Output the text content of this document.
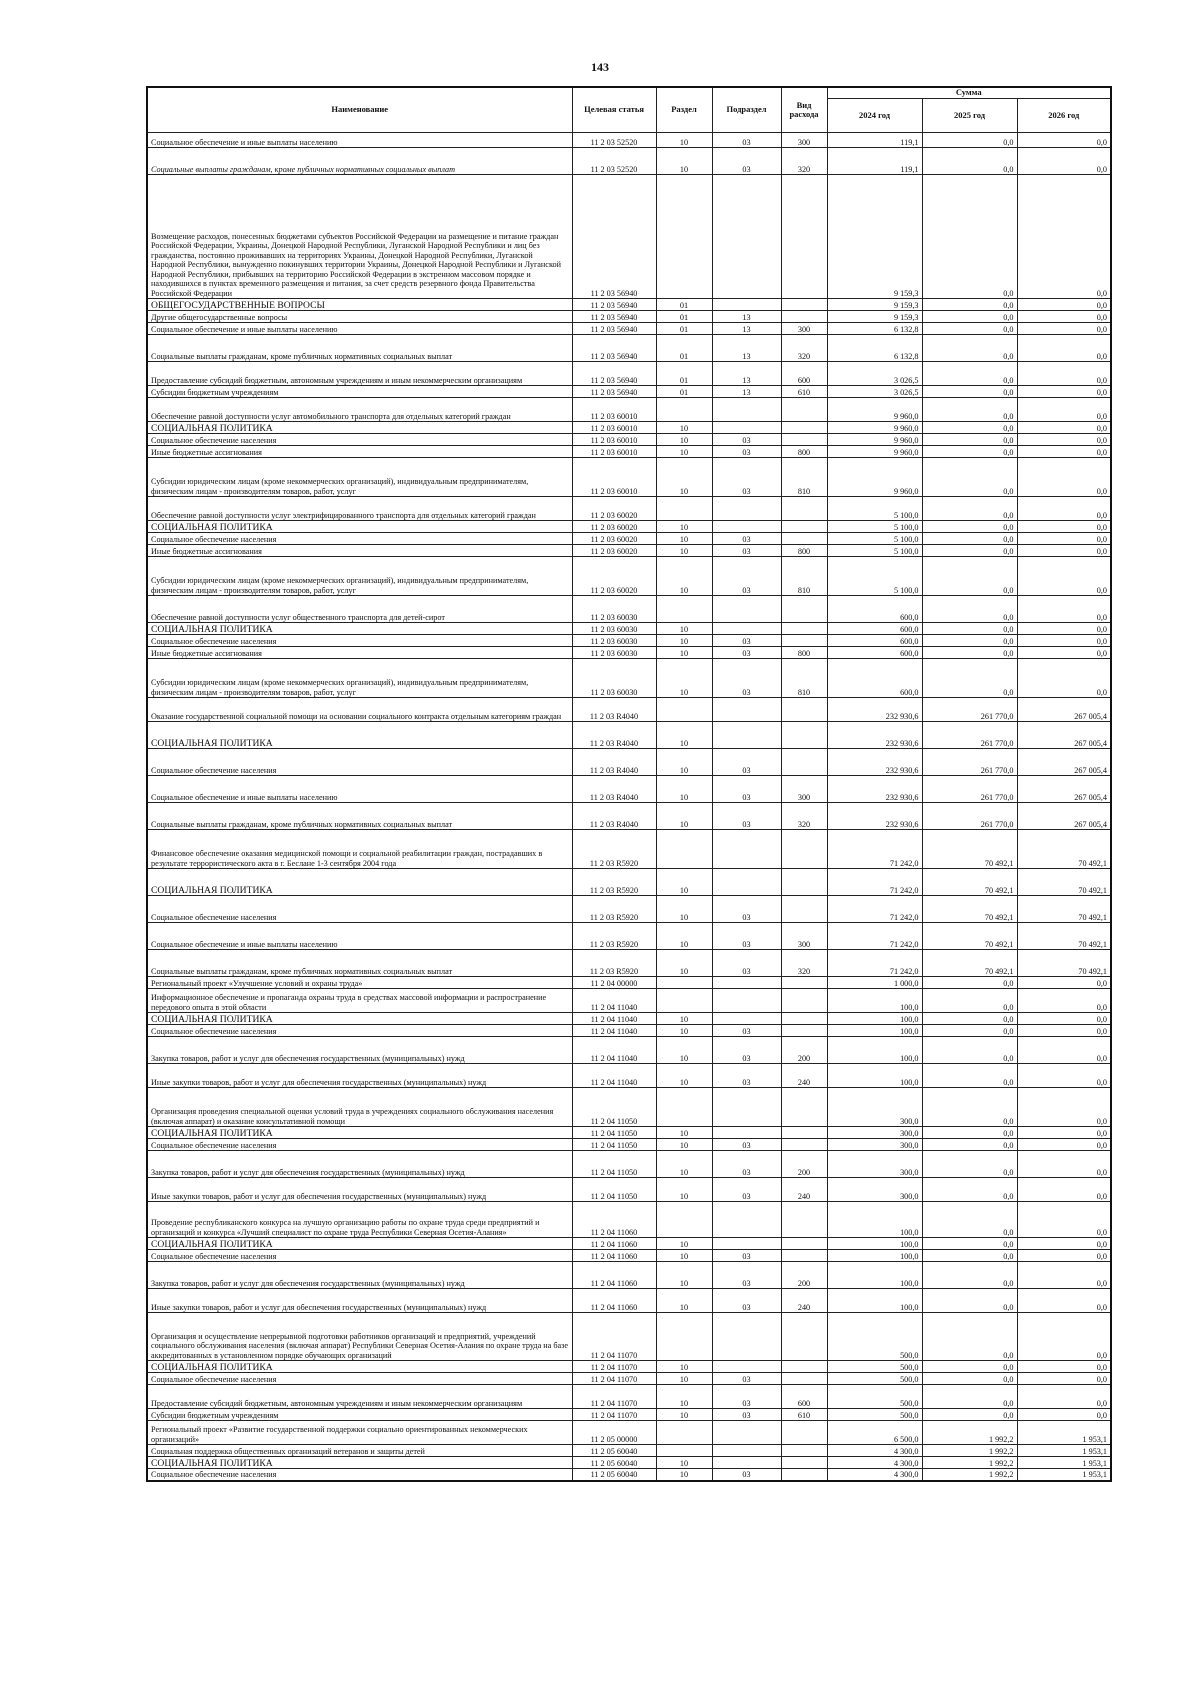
143
Наименование	Целевая статья	Раздел	Подраздел	Вид расхода	Сумма		
					2024 год	2025 год	2026 год
Социальное обеспечение и иные выплаты населению	11 2 03 52520	10	03	300	119,1	0,0	0,0
Социальные выплаты гражданам, кроме публичных нормативных социальных выплат	11 2 03 52520	10	03	320	119,1	0,0	0,0
Возмещение расходов, понесенных бюджетами субъектов Российской Федерации на размещение и питание граждан Российской Федерации, Украины, Донецкой Народной Республики, Луганской Народной Республики и лиц без гражданства, постоянно проживавших на территориях Украины, Донецкой Народной Республики, Луганской Народной Республики, вынужденно покинувших территории Украины, Донецкой Народной Республики и Луганской Народной Республики, прибывших на территорию Российской Федерации в экстренном массовом порядке и находившихся в пунктах временного размещения и питания, за счет средств резервного фонда Правительства Российской Федерации	11 2 03 56940				9 159,3	0,0	0,0
ОБЩЕГОСУДАРСТВЕННЫЕ ВОПРОСЫ	11 2 03 56940	01			9 159,3	0,0	0,0
Другие общегосударственные вопросы	11 2 03 56940	01	13		9 159,3	0,0	0,0
Социальное обеспечение и иные выплаты населению	11 2 03 56940	01	13	300	6 132,8	0,0	0,0
Социальные выплаты гражданам, кроме публичных нормативных социальных выплат	11 2 03 56940	01	13	320	6 132,8	0,0	0,0
Предоставление субсидий бюджетным, автономным учреждениям и иным некоммерческим организациям	11 2 03 56940	01	13	600	3 026,5	0,0	0,0
Субсидии бюджетным учреждениям	11 2 03 56940	01	13	610	3 026,5	0,0	0,0
Обеспечение равной доступности услуг автомобильного транспорта для отдельных категорий граждан	11 2 03 60010				9 960,0	0,0	0,0
СОЦИАЛЬНАЯ ПОЛИТИКА	11 2 03 60010	10			9 960,0	0,0	0,0
Социальное обеспечение населения	11 2 03 60010	10	03		9 960,0	0,0	0,0
Иные бюджетные ассигнования	11 2 03 60010	10	03	800	9 960,0	0,0	0,0
Субсидии юридическим лицам (кроме некоммерческих организаций), индивидуальным предпринимателям, физическим лицам - производителям товаров, работ, услуг	11 2 03 60010	10	03	810	9 960,0	0,0	0,0
Обеспечение равной доступности услуг электрифицированного транспорта для отдельных категорий граждан	11 2 03 60020				5 100,0	0,0	0,0
СОЦИАЛЬНАЯ ПОЛИТИКА	11 2 03 60020	10			5 100,0	0,0	0,0
Социальное обеспечение населения	11 2 03 60020	10	03		5 100,0	0,0	0,0
Иные бюджетные ассигнования	11 2 03 60020	10	03	800	5 100,0	0,0	0,0
Субсидии юридическим лицам (кроме некоммерческих организаций), индивидуальным предпринимателям, физическим лицам - производителям товаров, работ, услуг	11 2 03 60020	10	03	810	5 100,0	0,0	0,0
Обеспечение равной доступности услуг общественного транспорта для детей-сирот	11 2 03 60030				600,0	0,0	0,0
СОЦИАЛЬНАЯ ПОЛИТИКА	11 2 03 60030	10			600,0	0,0	0,0
Социальное обеспечение населения	11 2 03 60030	10	03		600,0	0,0	0,0
Иные бюджетные ассигнования	11 2 03 60030	10	03	800	600,0	0,0	0,0
Субсидии юридическим лицам (кроме некоммерческих организаций), индивидуальным предпринимателям, физическим лицам - производителям товаров, работ, услуг	11 2 03 60030	10	03	810	600,0	0,0	0,0
Оказание государственной социальной помощи на основании социального контракта отдельным категориям граждан	11 2 03 R4040				232 930,6	261 770,0	267 005,4
СОЦИАЛЬНАЯ ПОЛИТИКА	11 2 03 R4040	10			232 930,6	261 770,0	267 005,4
Социальное обеспечение населения	11 2 03 R4040	10	03		232 930,6	261 770,0	267 005,4
Социальное обеспечение и иные выплаты населению	11 2 03 R4040	10	03	300	232 930,6	261 770,0	267 005,4
Социальные выплаты гражданам, кроме публичных нормативных социальных выплат	11 2 03 R4040	10	03	320	232 930,6	261 770,0	267 005,4
Финансовое обеспечение оказания медицинской помощи и социальной реабилитации граждан, пострадавших в результате террористического акта в г. Беслане 1-3 сентября 2004 года	11 2 03 R5920				71 242,0	70 492,1	70 492,1
СОЦИАЛЬНАЯ ПОЛИТИКА	11 2 03 R5920	10			71 242,0	70 492,1	70 492,1
Социальное обеспечение населения	11 2 03 R5920	10	03		71 242,0	70 492,1	70 492,1
Социальное обеспечение и иные выплаты населению	11 2 03 R5920	10	03	300	71 242,0	70 492,1	70 492,1
Социальные выплаты гражданам, кроме публичных нормативных социальных выплат	11 2 03 R5920	10	03	320	71 242,0	70 492,1	70 492,1
Региональный проект «Улучшение условий и охраны труда»	11 2 04 00000				1 000,0	0,0	0,0
Информационное обеспечение и пропаганда охраны труда в средствах массовой информации и распространение передового опыта в этой области	11 2 04 11040				100,0	0,0	0,0
СОЦИАЛЬНАЯ ПОЛИТИКА	11 2 04 11040	10			100,0	0,0	0,0
Социальное обеспечение населения	11 2 04 11040	10	03		100,0	0,0	0,0
Закупка товаров, работ и услуг для обеспечения государственных (муниципальных) нужд	11 2 04 11040	10	03	200	100,0	0,0	0,0
Иные закупки товаров, работ и услуг для обеспечения государственных (муниципальных) нужд	11 2 04 11040	10	03	240	100,0	0,0	0,0
Организация проведения специальной оценки условий труда в учреждениях социального обслуживания населения (включая аппарат) и оказание консультативной помощи	11 2 04 11050				300,0	0,0	0,0
СОЦИАЛЬНАЯ ПОЛИТИКА	11 2 04 11050	10			300,0	0,0	0,0
Социальное обеспечение населения	11 2 04 11050	10	03		300,0	0,0	0,0
Закупка товаров, работ и услуг для обеспечения государственных (муниципальных) нужд	11 2 04 11050	10	03	200	300,0	0,0	0,0
Иные закупки товаров, работ и услуг для обеспечения государственных (муниципальных) нужд	11 2 04 11050	10	03	240	300,0	0,0	0,0
Проведение республиканского конкурса на лучшую организацию работы по охране труда среди предприятий и организаций и конкурса «Лучший специалист по охране труда Республики Северная Осетия-Алания»	11 2 04 11060				100,0	0,0	0,0
СОЦИАЛЬНАЯ ПОЛИТИКА	11 2 04 11060	10			100,0	0,0	0,0
Социальное обеспечение населения	11 2 04 11060	10	03		100,0	0,0	0,0
Закупка товаров, работ и услуг для обеспечения государственных (муниципальных) нужд	11 2 04 11060	10	03	200	100,0	0,0	0,0
Иные закупки товаров, работ и услуг для обеспечения государственных (муниципальных) нужд	11 2 04 11060	10	03	240	100,0	0,0	0,0
Организация и осуществление непрерывной подготовки работников организаций и предприятий, учреждений социального обслуживания населения (включая аппарат) Республики Северная Осетия-Алания по охране труда на базе аккредитованных в установленном порядке обучающих организаций	11 2 04 11070				500,0	0,0	0,0
СОЦИАЛЬНАЯ ПОЛИТИКА	11 2 04 11070	10			500,0	0,0	0,0
Социальное обеспечение населения	11 2 04 11070	10	03		500,0	0,0	0,0
Предоставление субсидий бюджетным, автономным учреждениям и иным некоммерческим организациям	11 2 04 11070	10	03	600	500,0	0,0	0,0
Субсидии бюджетным учреждениям	11 2 04 11070	10	03	610	500,0	0,0	0,0
Региональный проект «Развитие государственной поддержки социально ориентированных некоммерческих организаций»	11 2 05 00000				6 500,0	1 992,2	1 953,1
Социальная поддержка общественных организаций ветеранов и защиты детей	11 2 05 60040				4 300,0	1 992,2	1 953,1
СОЦИАЛЬНАЯ ПОЛИТИКА	11 2 05 60040	10			4 300,0	1 992,2	1 953,1
Социальное обеспечение населения	11 2 05 60040	10	03		4 300,0	1 992,2	1 953,1
